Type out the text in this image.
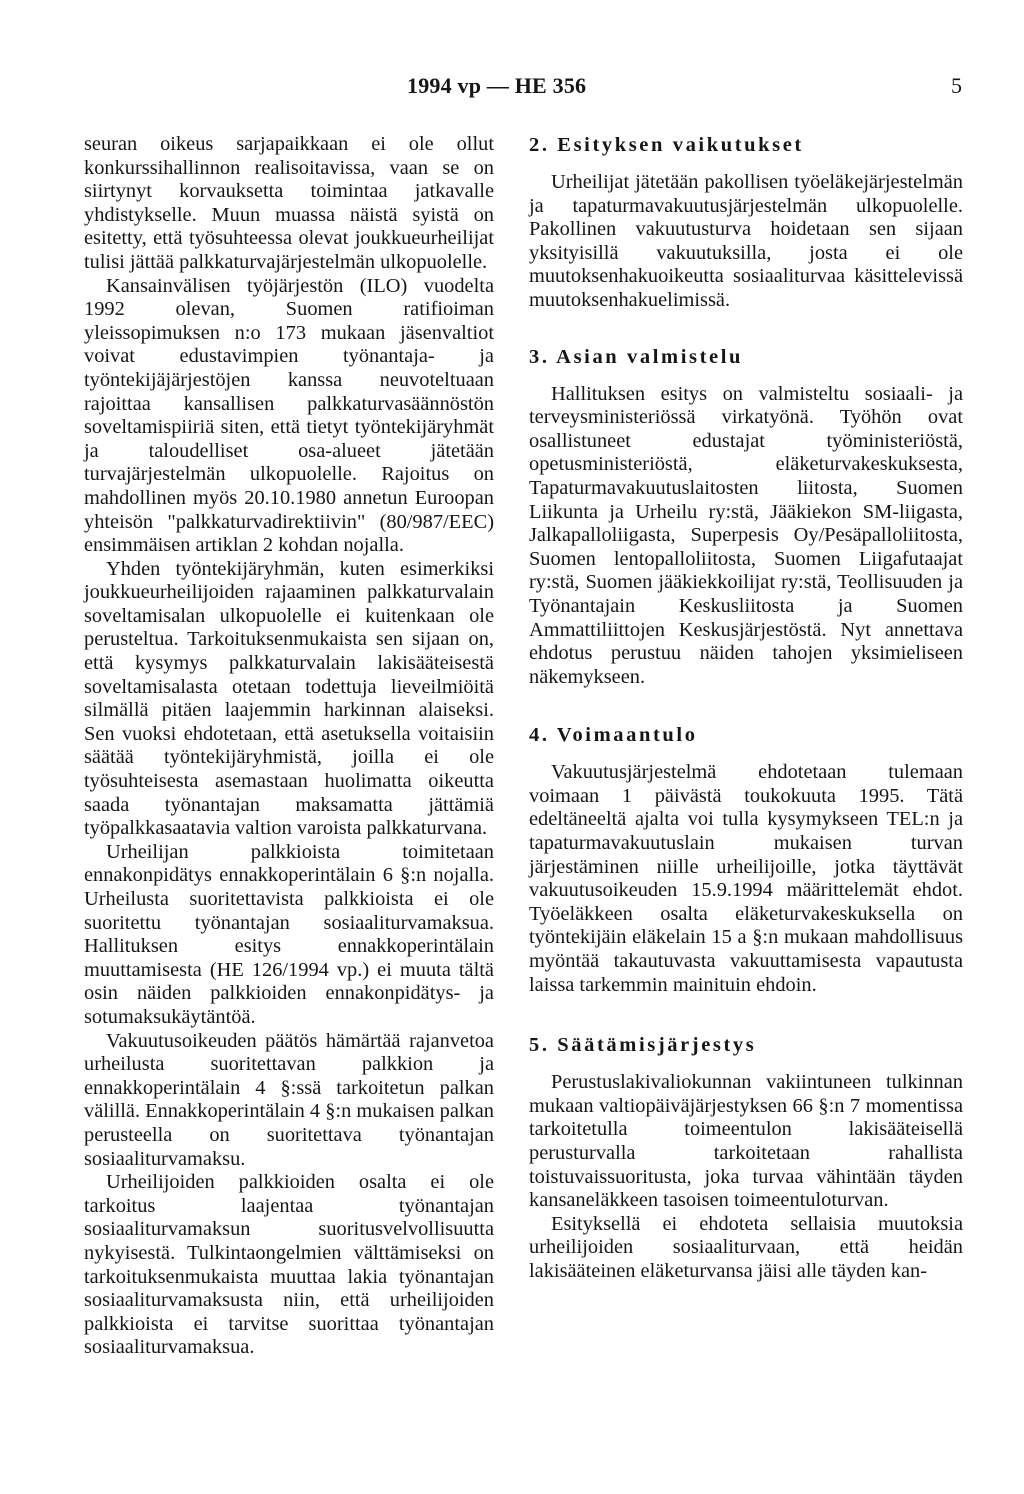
1994 vp — HE 356	5

seuran oikeus sarjapaikkaan ei ole ollut konkurssihallinnon realisoitavissa, vaan se on siirtynyt korvauksetta toimintaa jatkavalle yhdistykselle. Muun muassa näistä syistä on esitetty, että työsuhteessa olevat joukkueurheilijat tulisi jättää palkkaturvajärjestelmän ulkopuolelle.

Kansainvälisen työjärjestön (ILO) vuodelta 1992 olevan, Suomen ratifioiman yleissopimuksen n:o 173 mukaan jäsenvaltiot voivat edustavimpien työnantaja- ja työntekijäjärjestöjen kanssa neuvoteltuaan rajoittaa kansallisen palkkaturvasäännöstön soveltamispiiriä siten, että tietyt työntekijäryhmät ja taloudelliset osa-alueet jätetään turvajärjestelmän ulkopuolelle. Rajoitus on mahdollinen myös 20.10.1980 annetun Euroopan yhteisön "palkkaturvadirektiivin" (80/987/EEC) ensimmäisen artiklan 2 kohdan nojalla.

Yhden työntekijäryhmän, kuten esimerkiksi joukkueurheilijoiden rajaaminen palkkaturvalain soveltamisalan ulkopuolelle ei kuitenkaan ole perusteltua. Tarkoituksenmukaista sen sijaan on, että kysymys palkkaturvalain lakisääteisestä soveltamisalasta otetaan todettuja lieveilmiöitä silmällä pitäen laajemmin harkinnan alaiseksi. Sen vuoksi ehdotetaan, että asetuksella voitaisiin säätää työntekijäryhmistä, joilla ei ole työsuhteisesta asemastaan huolimatta oikeutta saada työnantajan maksamatta jättämiä työpalkkasaatavia valtion varoista palkkaturvana.

Urheilijan palkkioista toimitetaan ennakonpidätys ennakkoperintälain 6 §:n nojalla. Urheilusta suoritettavista palkkioista ei ole suoritettu työnantajan sosiaaliturvamaksua. Hallituksen esitys ennakkoperintälain muuttamisesta (HE 126/1994 vp.) ei muuta tältä osin näiden palkkioiden ennakonpidätys- ja sotumaksukäytäntöä.

Vakuutusoikeuden päätös hämärtää rajanvetoa urheilusta suoritettavan palkkion ja ennakkoperintälain 4 §:ssä tarkoitetun palkan välillä. Ennakkoperintälain 4 §:n mukaisen palkan perusteella on suoritettava työnantajan sosiaaliturvamaksu.

Urheilijoiden palkkioiden osalta ei ole tarkoitus laajentaa työnantajan sosiaaliturvamaksun suoritusvelvollisuutta nykyisestä. Tulkintaongelmien välttämiseksi on tarkoituksenmukaista muuttaa lakia työnantajan sosiaaliturvamaksusta niin, että urheilijoiden palkkioista ei tarvitse suorittaa työnantajan sosiaaliturvamaksua.

2. Esityksen vaikutukset

Urheilijat jätetään pakollisen työeläkejärjestelmän ja tapaturmavakuutusjärjestelmän ulkopuolelle. Pakollinen vakuutusturva hoidetaan sen sijaan yksityisillä vakuutuksilla, josta ei ole muutoksenhakuoikeutta sosiaaliturvaa käsitteleviss​ä muutoksenhakuelimissä.

3. Asian valmistelu

Hallituksen esitys on valmisteltu sosiaali- ja terveysministeriössä virkatyönä. Työhön ovat osallistuneet edustajat työministeriöstä, opetusministeriöstä, eläketurvakeskuksesta, Tapaturmavakuutuslaitosten liitosta, Suomen Liikunta ja Urheilu ry:stä, Jääkiekon SM-liigasta, Jalkapalloliigasta, Superpesis Oy/Pesäpalloliitosta, Suomen lentopalloliitosta, Suomen Liigafutaajat ry:stä, Suomen jääkiekkoilijat ry:stä, Teollisuuden ja Työnantajain Keskusliitosta ja Suomen Ammattiliittojen Keskusjärjestöstä. Nyt annettava ehdotus perustuu näiden tahojen yksimieliseen näkemykseen.

4. Voimaantulo

Vakuutusjärjestelmä ehdotetaan tulemaan voimaan 1 päivästä toukokuuta 1995. Tätä edeltäneeltä ajalta voi tulla kysymykseen TEL:n ja tapaturmavakuutuslain mukaisen turvan järjestäminen niille urheilijoille, jotka täyttävät vakuutusoikeuden 15.9.1994 määrittelemät ehdot. Työeläkkeen osalta eläketurvakeskuksella on työntekijäin eläkelain 15 a §:n mukaan mahdollisuus myöntää takautuvasta vakuuttamisesta vapautusta laissa tarkemmin mainituin ehdoin.

5. Säätämisjärjestys

Perustuslakivaliokunnan vakiintuneen tulkinnan mukaan valtiopäiväjärjestyksen 66 §:n 7 momentissa tarkoitetulla toimeentulon lakisääteisellä perusturvalla tarkoitetaan rahallista toistuvaissuoritusta, joka turvaa vähintään täyden kansaneläkkeen tasoisen toimeentuloturvan.

Esityksellä ei ehdoteta sellaisia muutoksia urheilijoiden sosiaaliturvaan, että heidän lakisääteinen eläketurvansa jäisi alle täyden kan-
